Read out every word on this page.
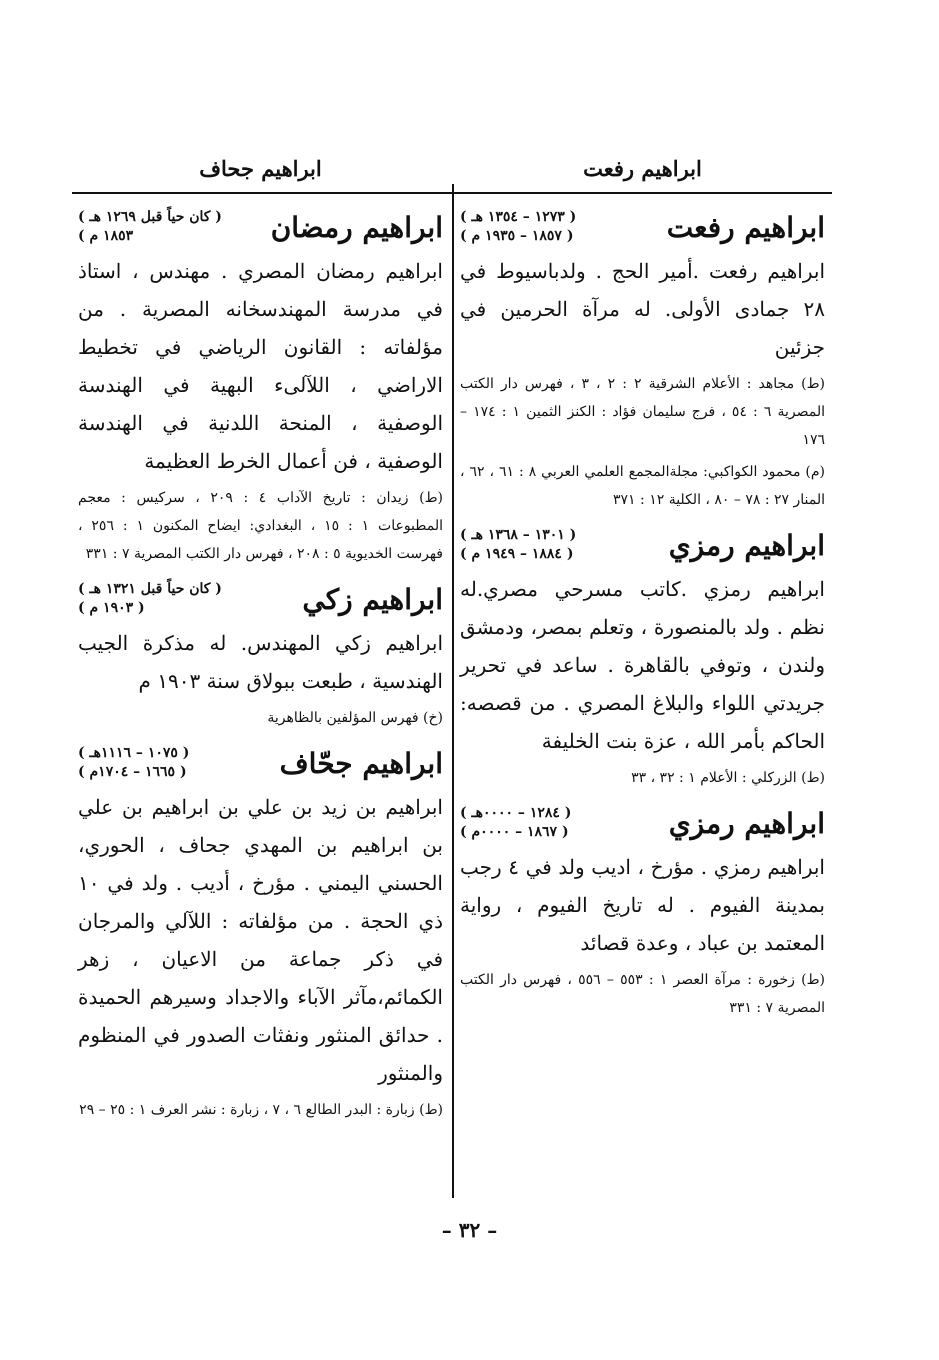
ابراهيم رفعت
ابراهيم رفعت
( ١٢٧٣ – ١٣٥٤ هـ )
( ١٨٥٧ – ١٩٣٥ م )

ابراهيم رفعت .أمير الحج . ولدباسيوط في ٢٨ جمادى الأولى. له مرآة الحرمين في جزئين

(ط) مجاهد : الأعلام الشرقية ٢ : ٢ ، ٣ ، فهرس دار الكتب المصرية ٦ : ٥٤ ، فرج سليمان فؤاد : الكنز الثمين ١ : ١٧٤ – ١٧٦

(م) محمود الكواكبي: مجلةالمجمع العلمي العربي ٨ : ٦١ ، ٦٢ ، المنار ٢٧ : ٧٨ – ٨٠ ، الكلية ١٢ : ٣٧١

ابراهيم رمزي
( ١٣٠١ – ١٣٦٨ هـ )
( ١٨٨٤ – ١٩٤٩ م )

ابراهيم رمزي .كاتب مسرحي مصري.له نظم . ولد بالمنصورة ، وتعلم بمصر، ودمشق ولندن ، وتوفي بالقاهرة . ساعد في تحرير جريدتي اللواء والبلاغ المصري . من قصصه: الحاكم بأمر الله ، عزة بنت الخليفة

(ط) الزركلي : الأعلام ١ : ٣٢ ، ٣٣

ابراهيم رمزي
( ١٢٨٤ – ٠٠٠٠هـ )
( ١٨٦٧ – ٠٠٠٠م )

ابراهيم رمزي . مؤرخ ، اديب ولد في ٤ رجب بمدينة الفيوم . له تاريخ الفيوم ، رواية المعتمد بن عباد ، وعدة قصائد

(ط) زخورة : مرآة العصر ١ : ٥٥٣ – ٥٥٦ ، فهرس دار الكتب المصرية ٧ : ٣٣١

ابراهيم جحاف
ابراهيم رمضان
( كان حياً قبل ١٢٦٩ هـ )
١٨٥٣ م )

ابراهيم رمضان المصري . مهندس ، استاذ في مدرسة المهندسخانه المصرية . من مؤلفاته : القانون الرياضي في تخطيط الاراضي ، اللآلىء البهية في الهندسة الوصفية ، المنحة اللدنية في الهندسة الوصفية ، فن أعمال الخرط العظيمة

(ط) زيدان : تاريخ الآداب ٤ : ٢٠٩ ، سركيس : معجم المطبوعات ١ : ١٥ ، البغدادي: ايضاح المكنون ١ : ٢٥٦ ، فهرست الخديوية ٥ : ٢٠٨ ، فهرس دار الكتب المصرية ٧ : ٣٣١

ابراهيم زكي
( كان حياً قبل ١٣٢١ هـ )
( ١٩٠٣ م )

ابراهيم زكي المهندس. له مذكرة الجيب الهندسية ، طبعت ببولاق سنة ١٩٠٣ م

(خ) فهرس المؤلفين بالظاهرية

ابراهيم جحّاف
( ١٠٧٥ – ١١١٦هـ )
( ١٦٦٥ – ١٧٠٤م )

ابراهيم بن زيد بن علي بن ابراهيم بن علي بن ابراهيم بن المهدي جحاف ، الحوري، الحسني اليمني . مؤرخ ، أديب . ولد في ١٠ ذي الحجة . من مؤلفاته : اللآلي والمرجان في ذكر جماعة من الاعيان ، زهر الكمائم،مآثر الآباء والاجداد وسيرهم الحميدة . حدائق المنثور ونفثات الصدور في المنظوم والمنثور

(ط) زبارة : البدر الطالع ٦ ، ٧ ، زبارة : نشر العرف ١ : ٢٥ – ٢٩

– ٣٢ –
